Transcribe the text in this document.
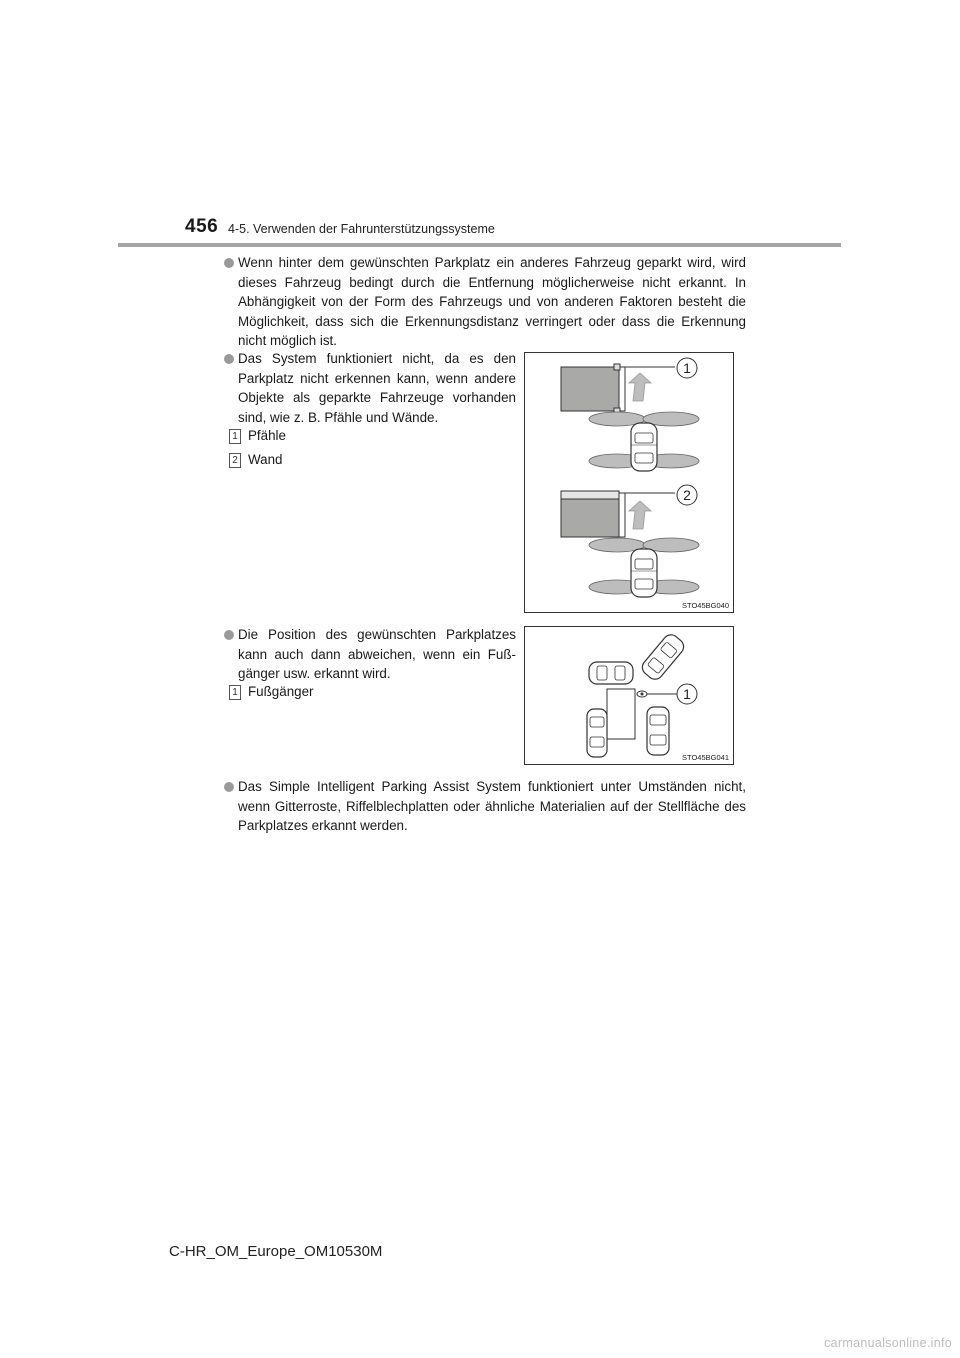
456 4-5. Verwenden der Fahrunterstützungssysteme
Wenn hinter dem gewünschten Parkplatz ein anderes Fahrzeug geparkt wird, wird dieses Fahrzeug bedingt durch die Entfernung möglicherweise nicht erkannt. In Abhängigkeit von der Form des Fahrzeugs und von anderen Faktoren besteht die Möglichkeit, dass sich die Erkennungsdistanz verringert oder dass die Erkennung nicht möglich ist.
Das System funktioniert nicht, da es den Parkplatz nicht erkennen kann, wenn andere Objekte als geparkte Fahrzeuge vorhanden sind, wie z. B. Pfähle und Wände.
1 Pfähle
2 Wand
1
2
STO45BG040
Die Position des gewünschten Parkplatzes kann auch dann abweichen, wenn ein Fuß-gänger usw. erkannt wird.
1 Fußgänger	1
STO45BG041
Das Simple Intelligent Parking Assist System funktioniert unter Umständen nicht, wenn Gitterroste, Riffelblechplatten oder ähnliche Materialien auf der Stellfläche des Parkplatzes erkannt werden.
C-HR_OM_Europe_OM10530M
carmanualsonline.info
